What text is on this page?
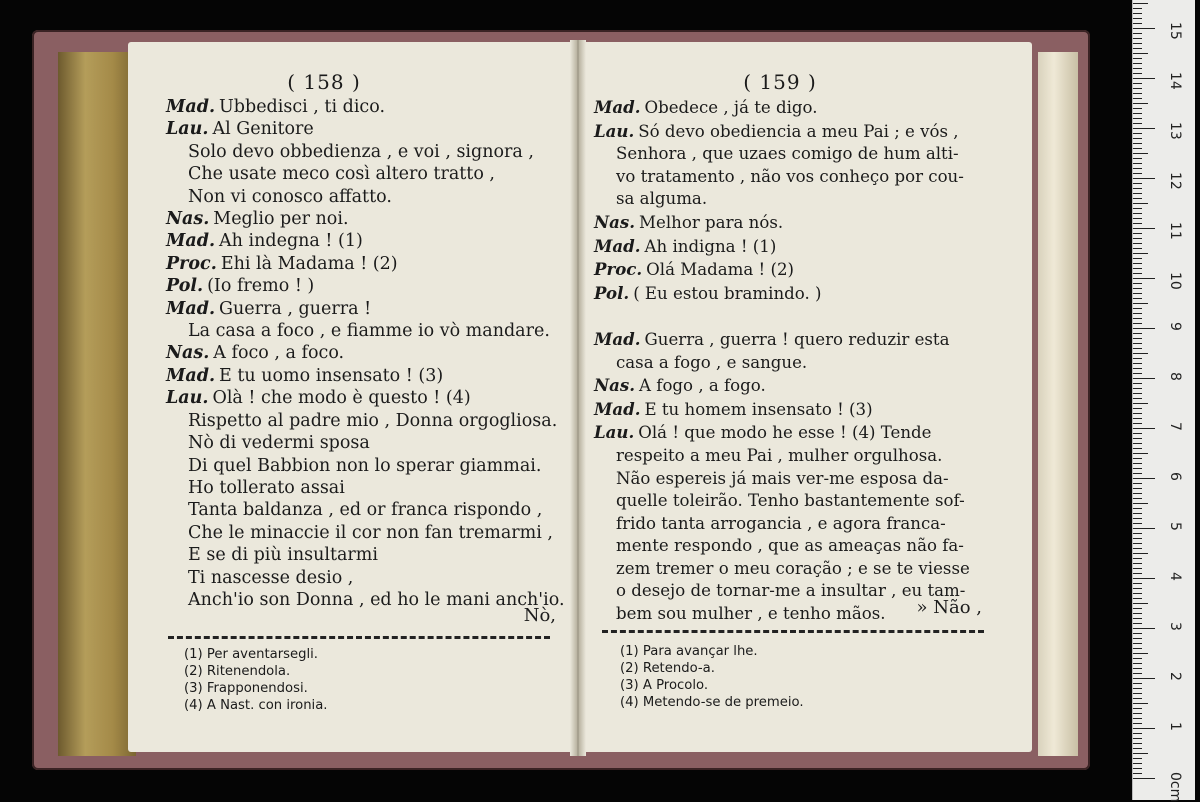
( 158 )
Mad. Ubbedisci , ti dico.
Lau. Al Genitore
Solo devo obbedienza , e voi , signora ,
Che usate meco così altero tratto ,
Non vi conosco affatto.
Nas. Meglio per noi.
Mad. Ah indegna ! (1)
Proc. Ehi là Madama ! (2)
Pol. (Io fremo ! )
Mad. Guerra , guerra !
La casa a foco , e fiamme io vò mandare.
Nas. A foco , a foco.
Mad. E tu uomo insensato ! (3)
Lau. Olà ! che modo è questo ! (4)
Rispetto al padre mio , Donna orgogliosa.
Nò di vedermi sposa
Di quel Babbion non lo sperar giammai.
Ho tollerato assai
Tanta baldanza , ed or franca rispondo ,
Che le minaccie il cor non fan tremarmi ,
E se di più insultarmi
Ti nascesse desio ,
Anch'io son Donna , ed ho le mani anch'io.
Nò,
(1) Per aventarsegli.
(2) Ritenendola.
(3) Frapponendosi.
(4) A Nast. con ironia.
( 159 )
Mad. Obedece , já te digo.
Lau. Só devo obediencia a meu Pai ; e vós ,
Senhora , que uzaes comigo de hum alti-
vo tratamento , não vos conheço por cou-
sa alguma.
Nas. Melhor para nós.
Mad. Ah indigna ! (1)
Proc. Olá Madama ! (2)
Pol. ( Eu estou bramindo. )

Mad. Guerra , guerra ! quero reduzir esta
casa a fogo , e sangue.
Nas. A fogo , a fogo.
Mad. E tu homem insensato ! (3)
Lau. Olá ! que modo he esse ! (4) Tende
respeito a meu Pai , mulher orgulhosa.
Não espereis já mais ver-me esposa da-
quelle toleirão. Tenho bastantemente sof-
frido tanta arrogancia , e agora franca-
mente respondo , que as ameaças não fa-
zem tremer o meu coração ; e se te viesse
o desejo de tornar-me a insultar , eu tam-
bem sou mulher , e tenho mãos.	» Não ,
(1) Para avançar lhe.
(2) Retendo-a.
(3) A Procolo.
(4) Metendo-se de premeio.
0cm
1
2
3
4
5
6
7
8
9
10
11
12
13
14
15
